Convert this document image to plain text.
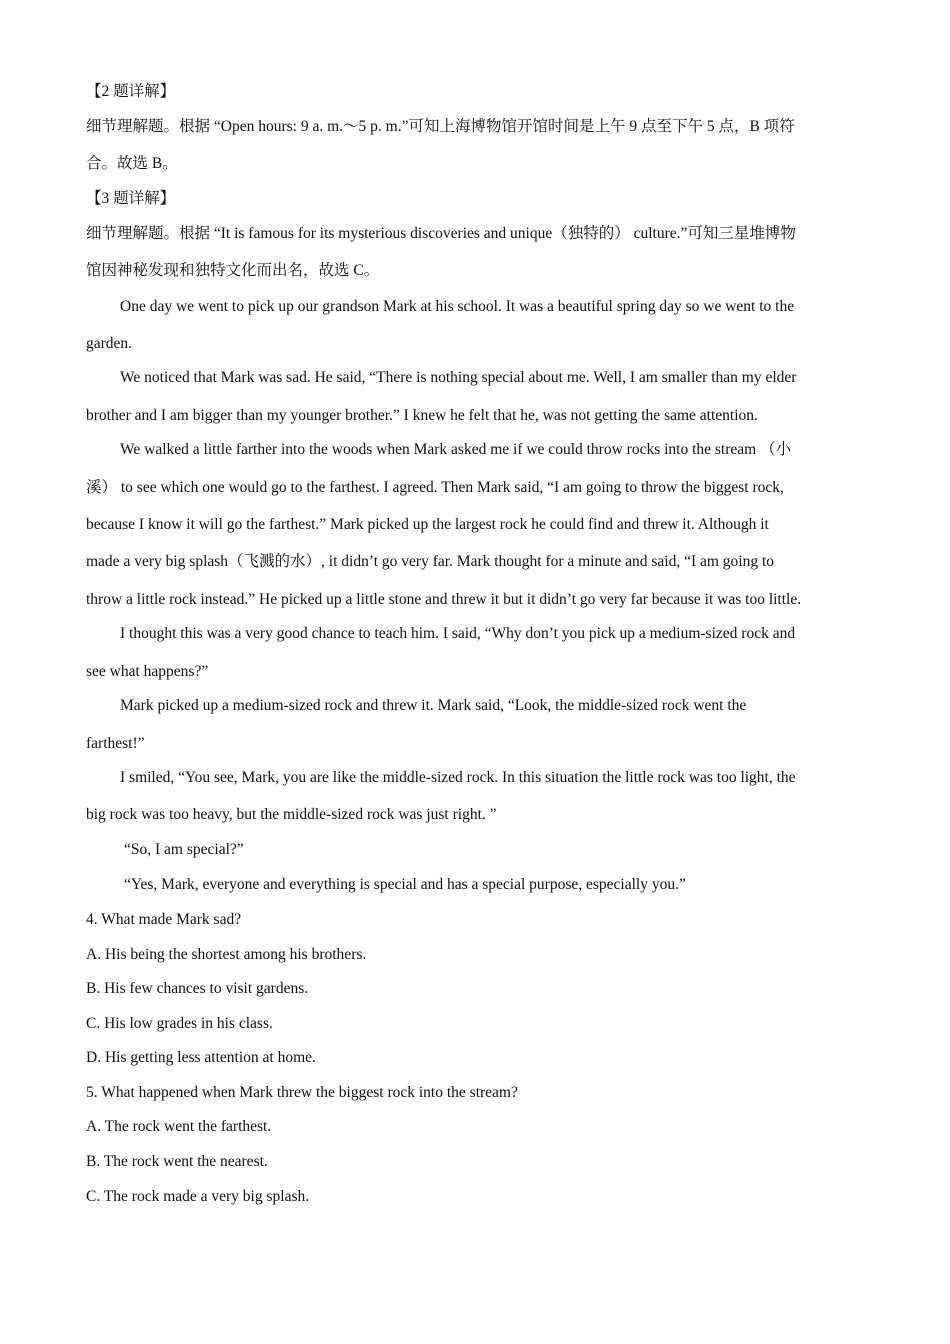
【2 题详解】
细节理解题。根据 “Open hours: 9 a. m.～5 p. m.”可知上海博物馆开馆时间是上午 9 点至下午 5 点，B 项符
合。故选 B。
【3 题详解】
细节理解题。根据 “It is famous for its mysterious discoveries and unique（独特的） culture.”可知三星堆博物
馆因神秘发现和独特文化而出名，故选 C。
One day we went to pick up our grandson Mark at his school. It was a beautiful spring day so we went to the
garden.
We noticed that Mark was sad. He said, “There is nothing special about me. Well, I am smaller than my elder
brother and I am bigger than my younger brother.” I knew he felt that he, was not getting the same attention.
We walked a little farther into the woods when Mark asked me if we could throw rocks into the stream （小
溪） to see which one would go to the farthest. I agreed. Then Mark said, “I am going to throw the biggest rock,
because I know it will go the farthest.” Mark picked up the largest rock he could find and threw it. Although it
made a very big splash（飞溅的水）, it didn’t go very far. Mark thought for a minute and said, “I am going to
throw a little rock instead.” He picked up a little stone and threw it but it didn’t go very far because it was too little.
I thought this was a very good chance to teach him. I said, “Why don’t you pick up a medium-sized rock and
see what happens?”
Mark picked up a medium-sized rock and threw it. Mark said, “Look, the middle-sized rock went the
farthest!”
I smiled, “You see, Mark, you are like the middle-sized rock. In this situation the little rock was too light, the
big rock was too heavy, but the middle-sized rock was just right. ”
“So, I am special?”
“Yes, Mark, everyone and everything is special and has a special purpose, especially you.”
4. What made Mark sad?
A. His being the shortest among his brothers.
B. His few chances to visit gardens.
C. His low grades in his class.
D. His getting less attention at home.
5. What happened when Mark threw the biggest rock into the stream?
A. The rock went the farthest.
B. The rock went the nearest.
C. The rock made a very big splash.
